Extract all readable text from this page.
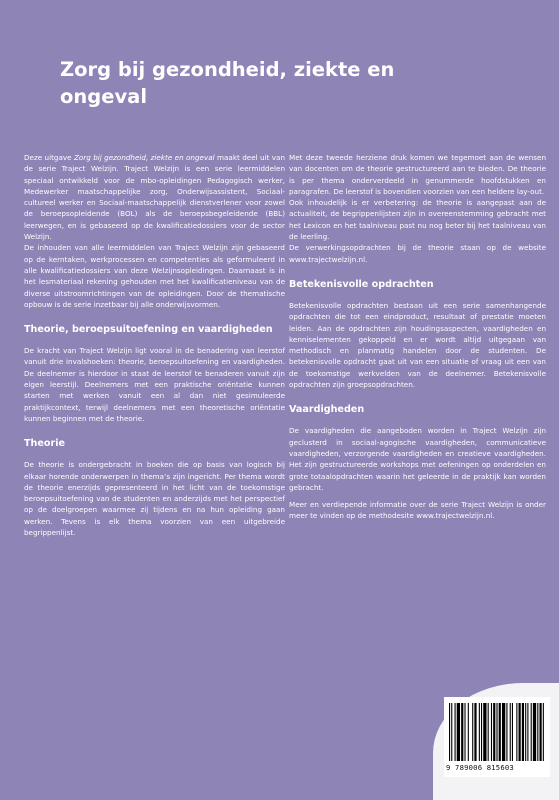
Zorg bij gezondheid, ziekte en
ongeval

Deze uitgave Zorg bij gezondheid, ziekte en ongeval maakt deel uit van de serie Traject Welzijn. Traject Welzijn is een serie leermiddelen speciaal ontwikkeld voor de mbo-opleidingen Pedagogisch werker, Medewerker maatschappelijke zorg, Onderwijsassistent, Sociaal-cultureel werker en Sociaal-maatschappelijk dienstverlener voor zowel de beroepsopleidende (BOL) als de beroepsbegeleidende (BBL) leerwegen, en is gebaseerd op de kwalificatiedossiers voor de sector Welzijn.

De inhouden van alle leermiddelen van Traject Welzijn zijn gebaseerd op de kerntaken, werkprocessen en competenties als geformuleerd in alle kwalificatiedossiers van deze Welzijnsopleidingen. Daarnaast is in het lesmateriaal rekening gehouden met het kwalificatieniveau van de diverse uitstroomrichtingen van de opleidingen. Door de thematische opbouw is de serie inzetbaar bij alle onderwijsvormen.

Theorie, beroepsuitoefening en vaardigheden

De kracht van Traject Welzijn ligt vooral in de benadering van leerstof vanuit drie invalshoeken: theorie, beroepsuitoefening en vaardigheden. De deelnemer is hierdoor in staat de leerstof te benaderen vanuit zijn eigen leerstijl. Deelnemers met een praktische oriëntatie kunnen starten met werken vanuit een al dan niet gesimuleerde praktijkcontext, terwijl deelnemers met een theoretische oriëntatie kunnen beginnen met de theorie.

Theorie

De theorie is ondergebracht in boeken die op basis van logisch bij elkaar horende onderwerpen in thema’s zijn ingericht. Per thema wordt de theorie enerzijds gepresenteerd in het licht van de toekomstige beroepsuitoefening van de studenten en anderzijds met het perspectief op de doelgroepen waarmee zij tijdens en na hun opleiding gaan werken. Tevens is elk thema voorzien van een uitgebreide begrippenlijst.

Met deze tweede herziene druk komen we tegemoet aan de wensen van docenten om de theorie gestructureerd aan te bieden. De theorie is per thema onderverdeeld in genummerde hoofdstukken en paragrafen. De leerstof is bovendien voorzien van een heldere lay-out.

Ook inhoudelijk is er verbetering: de theorie is aangepast aan de actualiteit, de begrippenlijsten zijn in overeenstemming gebracht met het Lexicon en het taalniveau past nu nog beter bij het taalniveau van de leerling.

De verwerkingsopdrachten bij de theorie staan op de website www.trajectwelzijn.nl.

Betekenisvolle opdrachten

Betekenisvolle opdrachten bestaan uit een serie samenhangende opdrachten die tot een eindproduct, resultaat of prestatie moeten leiden. Aan de opdrachten zijn houdingsaspecten, vaardigheden en kenniselementen gekoppeld en er wordt altijd uitgegaan van methodisch en planmatig handelen door de studenten. De betekenisvolle opdracht gaat uit van een situatie of vraag uit een van de toekomstige werkvelden van de deelnemer. Betekenisvolle opdrachten zijn groepsopdrachten.

Vaardigheden

De vaardigheden die aangeboden worden in Traject Welzijn zijn geclusterd in sociaal-agogische vaardigheden, communicatieve vaardigheden, verzorgende vaardigheden en creatieve vaardigheden. Het zijn gestructureerde workshops met oefeningen op onderdelen en grote totaalopdrachten waarin het geleerde in de praktijk kan worden gebracht.

Meer en verdiepende informatie over de serie Traject Welzijn is onder meer te vinden op de methodesite www.trajectwelzijn.nl.

9 789006 815603
